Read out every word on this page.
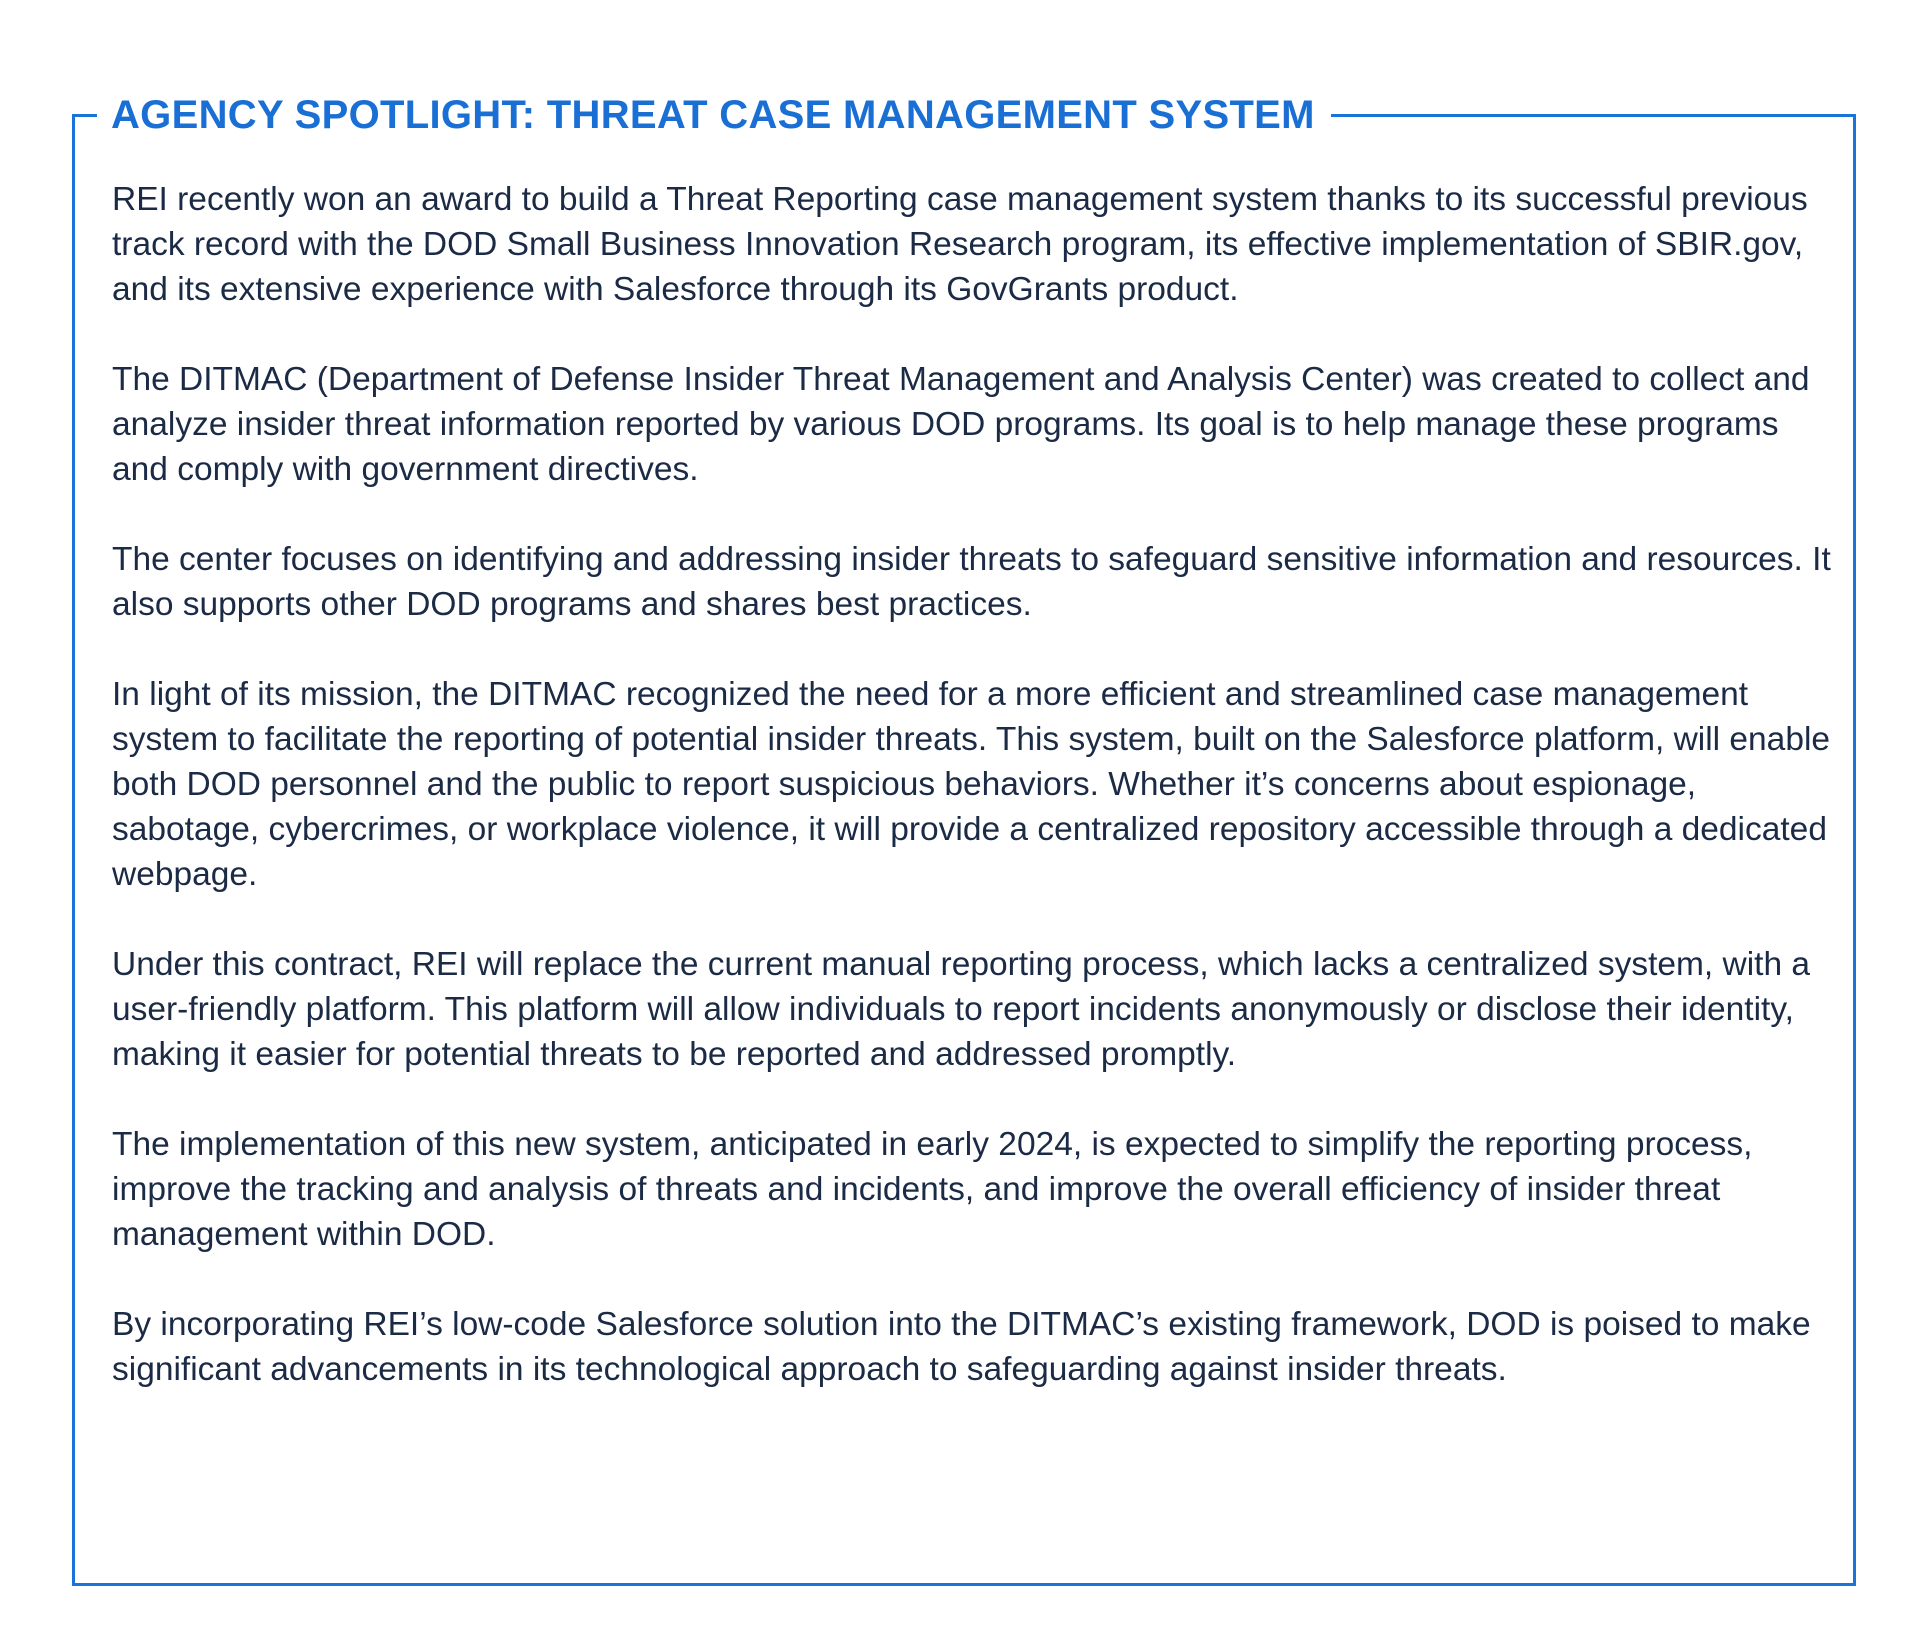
AGENCY SPOTLIGHT: THREAT CASE MANAGEMENT SYSTEM

REI recently won an award to build a Threat Reporting case management system thanks to its successful previous track record with the DOD Small Business Innovation Research program, its effective implementation of SBIR.gov, and its extensive experience with Salesforce through its GovGrants product.

The DITMAC (Department of Defense Insider Threat Management and Analysis Center) was created to collect and analyze insider threat information reported by various DOD programs. Its goal is to help manage these programs and comply with government directives.

The center focuses on identifying and addressing insider threats to safeguard sensitive information and resources. It also supports other DOD programs and shares best practices.

In light of its mission, the DITMAC recognized the need for a more efficient and streamlined case management system to facilitate the reporting of potential insider threats. This system, built on the Salesforce platform, will enable both DOD personnel and the public to report suspicious behaviors. Whether it’s concerns about espionage, sabotage, cybercrimes, or workplace violence, it will provide a centralized repository accessible through a dedicated webpage.

Under this contract, REI will replace the current manual reporting process, which lacks a centralized system, with a user-friendly platform. This platform will allow individuals to report incidents anonymously or disclose their identity, making it easier for potential threats to be reported and addressed promptly.

The implementation of this new system, anticipated in early 2024, is expected to simplify the reporting process, improve the tracking and analysis of threats and incidents, and improve the overall efficiency of insider threat management within DOD.

By incorporating REI’s low-code Salesforce solution into the DITMAC’s existing framework, DOD is poised to make significant advancements in its technological approach to safeguarding against insider threats.
